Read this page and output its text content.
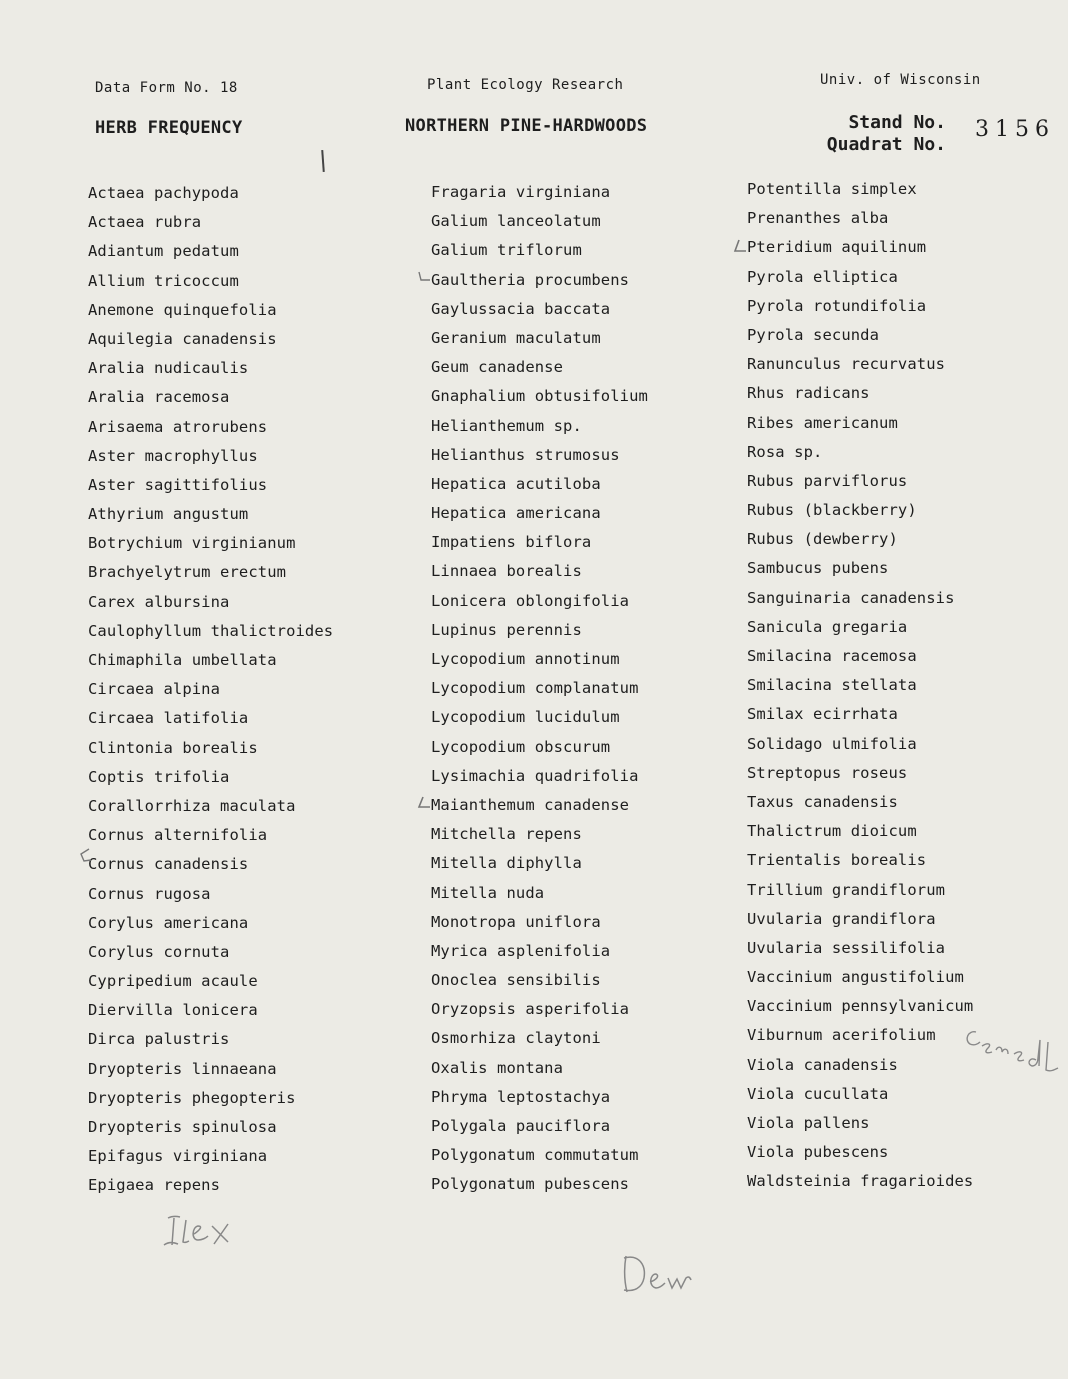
Data Form No. 18	Plant Ecology Research	Univ. of Wisconsin
HERB FREQUENCY	NORTHERN PINE-HARDWOODS	Stand No.
Quadrat No.
3156
Actaea pachypoda
Actaea rubra
Adiantum pedatum
Allium tricoccum
Anemone quinquefolia
Aquilegia canadensis
Aralia nudicaulis
Aralia racemosa
Arisaema atrorubens
Aster macrophyllus
Aster sagittifolius
Athyrium angustum
Botrychium virginianum
Brachyelytrum erectum
Carex albursina
Caulophyllum thalictroides
Chimaphila umbellata
Circaea alpina
Circaea latifolia
Clintonia borealis
Coptis trifolia
Corallorrhiza maculata
Cornus alternifolia
Cornus canadensis
Cornus rugosa
Corylus americana
Corylus cornuta
Cypripedium acaule
Diervilla lonicera
Dirca palustris
Dryopteris linnaeana
Dryopteris phegopteris
Dryopteris spinulosa
Epifagus virginiana
Epigaea repens
Fragaria virginiana
Galium lanceolatum
Galium triflorum
Gaultheria procumbens
Gaylussacia baccata
Geranium maculatum
Geum canadense
Gnaphalium obtusifolium
Helianthemum sp.
Helianthus strumosus
Hepatica acutiloba
Hepatica americana
Impatiens biflora
Linnaea borealis
Lonicera oblongifolia
Lupinus perennis
Lycopodium annotinum
Lycopodium complanatum
Lycopodium lucidulum
Lycopodium obscurum
Lysimachia quadrifolia
Maianthemum canadense
Mitchella repens
Mitella diphylla
Mitella nuda
Monotropa uniflora
Myrica asplenifolia
Onoclea sensibilis
Oryzopsis asperifolia
Osmorhiza claytoni
Oxalis montana
Phryma leptostachya
Polygala pauciflora
Polygonatum commutatum
Polygonatum pubescens
Potentilla simplex
Prenanthes alba
Pteridium aquilinum
Pyrola elliptica
Pyrola rotundifolia
Pyrola secunda
Ranunculus recurvatus
Rhus radicans
Ribes americanum
Rosa sp.
Rubus parviflorus
Rubus (blackberry)
Rubus (dewberry)
Sambucus pubens
Sanguinaria canadensis
Sanicula gregaria
Smilacina racemosa
Smilacina stellata
Smilax ecirrhata
Solidago ulmifolia
Streptopus roseus
Taxus canadensis
Thalictrum dioicum
Trientalis borealis
Trillium grandiflorum
Uvularia grandiflora
Uvularia sessilifolia
Vaccinium angustifolium
Vaccinium pennsylvanicum
Viburnum acerifolium
Viola canadensis
Viola cucullata
Viola pallens
Viola pubescens
Waldsteinia fragarioides
